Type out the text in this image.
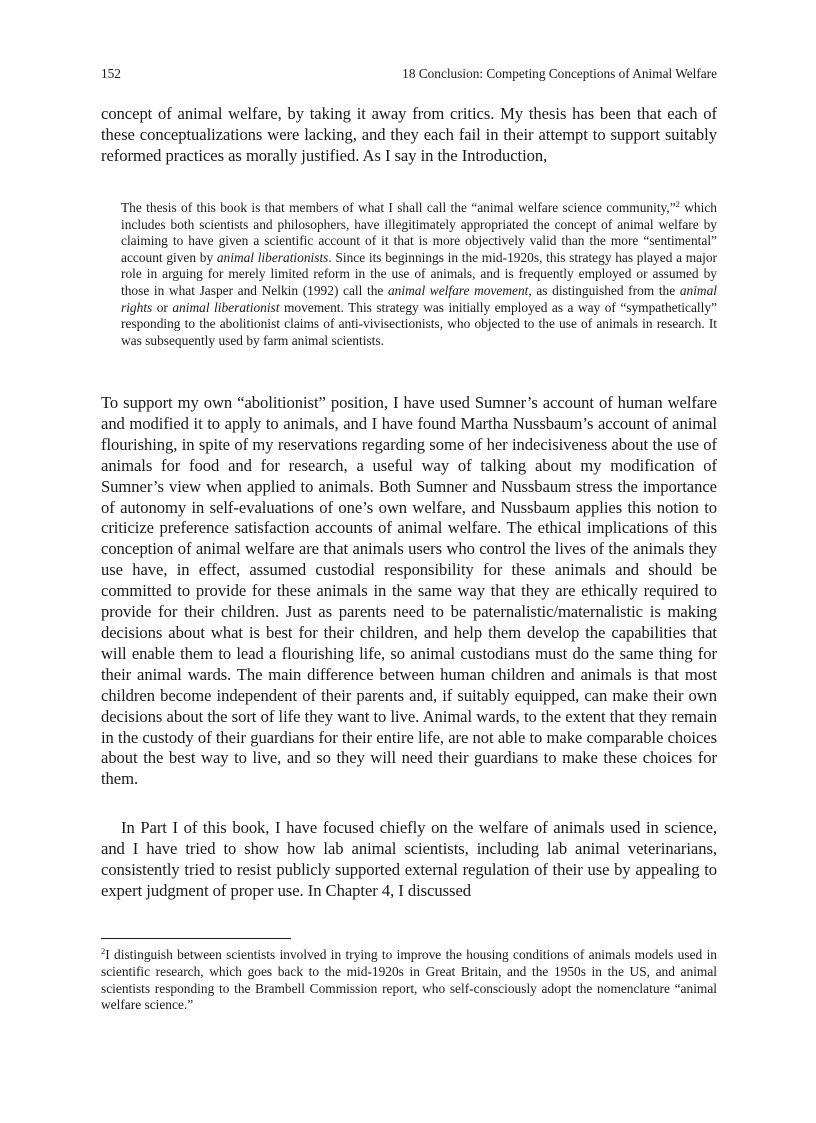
152	18 Conclusion: Competing Conceptions of Animal Welfare

concept of animal welfare, by taking it away from critics. My thesis has been that each of these conceptualizations were lacking, and they each fail in their attempt to support suitably reformed practices as morally justified. As I say in the Introduction,

The thesis of this book is that members of what I shall call the “animal welfare science community,”$^2$ which includes both scientists and philosophers, have illegitimately appropriated the concept of animal welfare by claiming to have given a scientific account of it that is more objectively valid than the more “sentimental” account given by animal liberationists. Since its beginnings in the mid-1920s, this strategy has played a major role in arguing for merely limited reform in the use of animals, and is frequently employed or assumed by those in what Jasper and Nelkin (1992) call the animal welfare movement, as distinguished from the animal rights or animal liberationist movement. This strategy was initially employed as a way of “sympathetically” responding to the abolitionist claims of anti-vivisectionists, who objected to the use of animals in research. It was subsequently used by farm animal scientists.

To support my own “abolitionist” position, I have used Sumner’s account of human welfare and modified it to apply to animals, and I have found Martha Nussbaum’s account of animal flourishing, in spite of my reservations regarding some of her indecisiveness about the use of animals for food and for research, a useful way of talking about my modification of Sumner’s view when applied to animals. Both Sumner and Nussbaum stress the importance of autonomy in self-evaluations of one’s own welfare, and Nussbaum applies this notion to criticize preference satisfaction accounts of animal welfare. The ethical implications of this conception of animal welfare are that animals users who control the lives of the animals they use have, in effect, assumed custodial responsibility for these animals and should be committed to provide for these animals in the same way that they are ethically required to provide for their children. Just as parents need to be paternalistic/maternalistic is making decisions about what is best for their children, and help them develop the capabilities that will enable them to lead a flourishing life, so animal custodians must do the same thing for their animal wards. The main difference between human children and animals is that most children become independent of their parents and, if suitably equipped, can make their own decisions about the sort of life they want to live. Animal wards, to the extent that they remain in the custody of their guardians for their entire life, are not able to make comparable choices about the best way to live, and so they will need their guardians to make these choices for them.

In Part I of this book, I have focused chiefly on the welfare of animals used in science, and I have tried to show how lab animal scientists, including lab animal veterinarians, consistently tried to resist publicly supported external regulation of their use by appealing to expert judgment of proper use. In Chapter 4, I discussed

$^2$I distinguish between scientists involved in trying to improve the housing conditions of animals models used in scientific research, which goes back to the mid-1920s in Great Britain, and the 1950s in the US, and animal scientists responding to the Brambell Commission report, who self-consciously adopt the nomenclature “animal welfare science.”
